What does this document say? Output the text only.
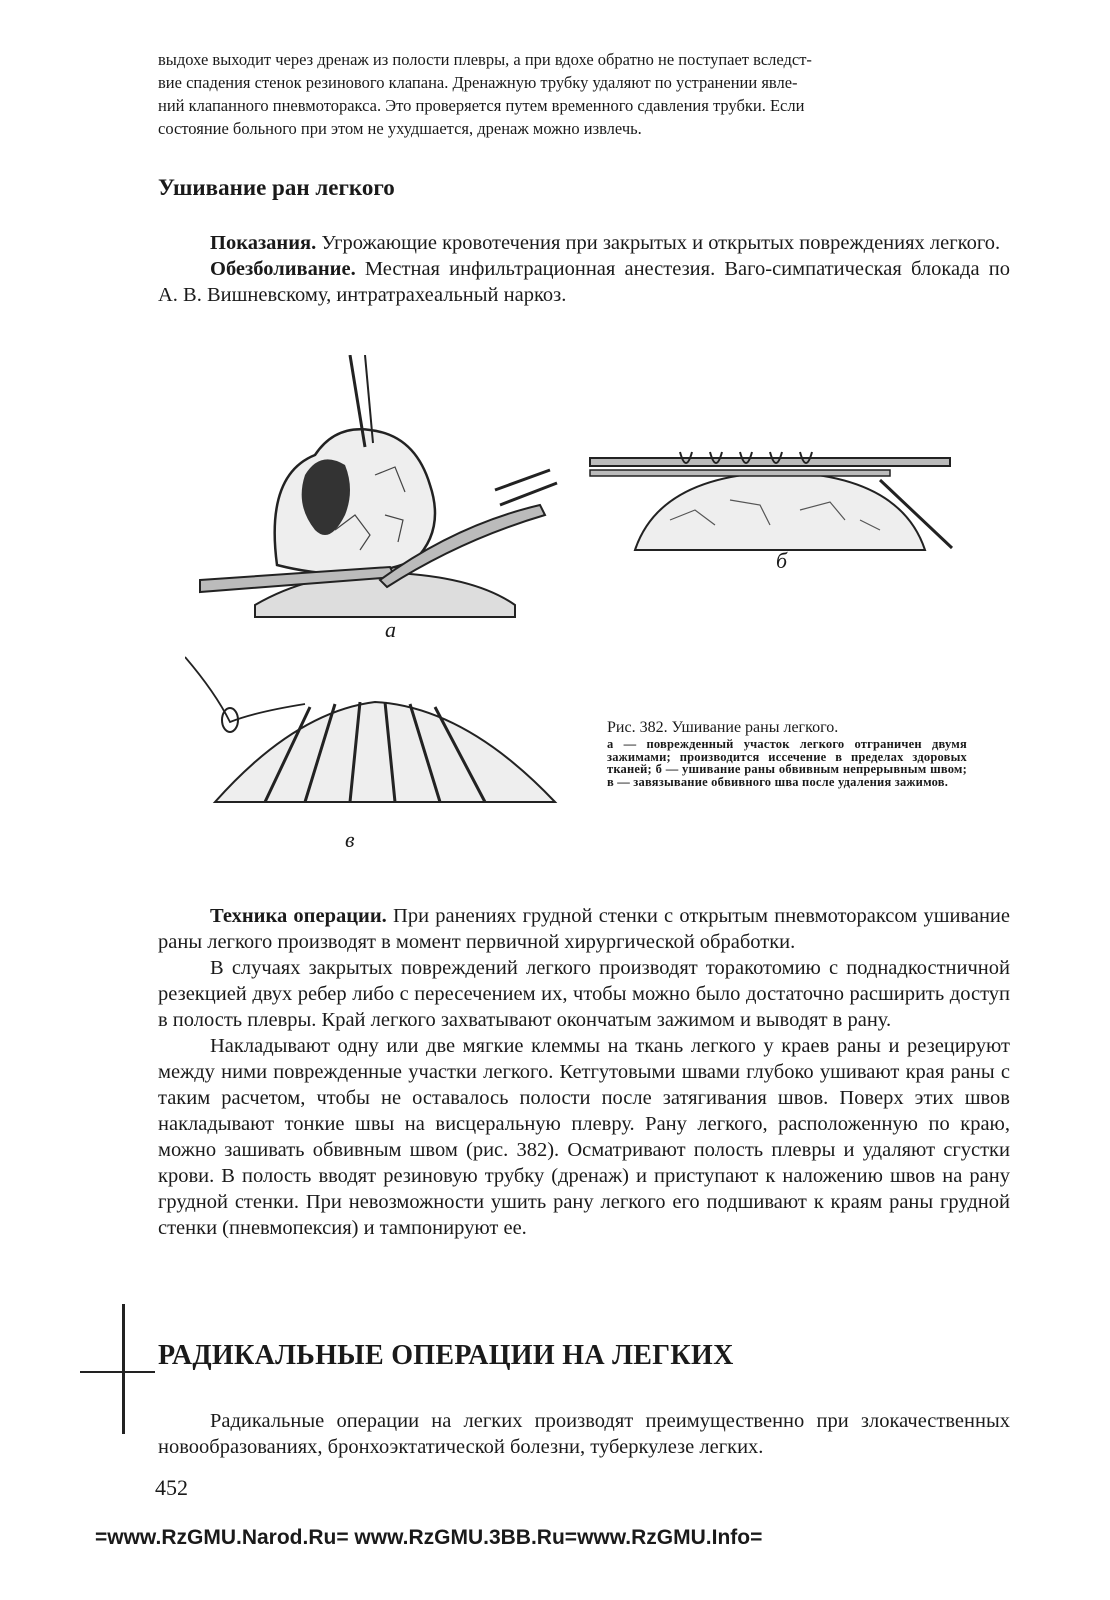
выдохе выходит через дренаж из полости плевры, а при вдохе обратно не поступает вследст-
вие спадения стенок резинового клапана. Дренажную трубку удаляют по устранении явле-
ний клапанного пневмоторакса. Это проверяется путем временного сдавления трубки. Если
состояние больного при этом не ухудшается, дренаж можно извлечь.
Ушивание ран легкого

Показания. Угрожающие кровотечения при закрытых и открытых повреждениях легкого.

Обезболивание. Местная инфильтрационная анестезия. Ваго-симпатическая блокада по А. В. Вишневскому, интратрахеальный наркоз.

а
б
в
Рис. 382. Ушивание раны легкого.
а — поврежденный участок легкого отграничен двумя зажимами; производится иссечение в пределах здоровых тканей; б — ушивание раны обвивным непрерывным швом; в — завязывание обвивного шва после удаления зажимов.

Техника операции. При ранениях грудной стенки с открытым пневмотораксом ушивание раны легкого производят в момент первичной хирургической обработки.

В случаях закрытых повреждений легкого производят торакотомию с поднадкостничной резекцией двух ребер либо с пересечением их, чтобы можно было достаточно расширить доступ в полость плевры. Край легкого захватывают окончатым зажимом и выводят в рану.

Накладывают одну или две мягкие клеммы на ткань легкого у краев раны и резецируют между ними поврежденные участки легкого. Кетгутовыми швами глубоко ушивают края раны с таким расчетом, чтобы не оставалось полости после затягивания швов. Поверх этих швов накладывают тонкие швы на висцеральную плевру. Рану легкого, расположенную по краю, можно зашивать обвивным швом (рис. 382). Осматривают полость плевры и удаляют сгустки крови. В полость вводят резиновую трубку (дренаж) и приступают к наложению швов на рану грудной стенки. При невозможности ушить рану легкого его подшивают к краям раны грудной стенки (пневмопексия) и тампонируют ее.

РАДИКАЛЬНЫЕ ОПЕРАЦИИ НА ЛЕГКИХ

Радикальные операции на легких производят преимущественно при злокачественных новообразованиях, бронхоэктатической болезни, туберкулезе легких.

452
=www.RzGMU.Narod.Ru= www.RzGMU.3BB.Ru=www.RzGMU.Info=
